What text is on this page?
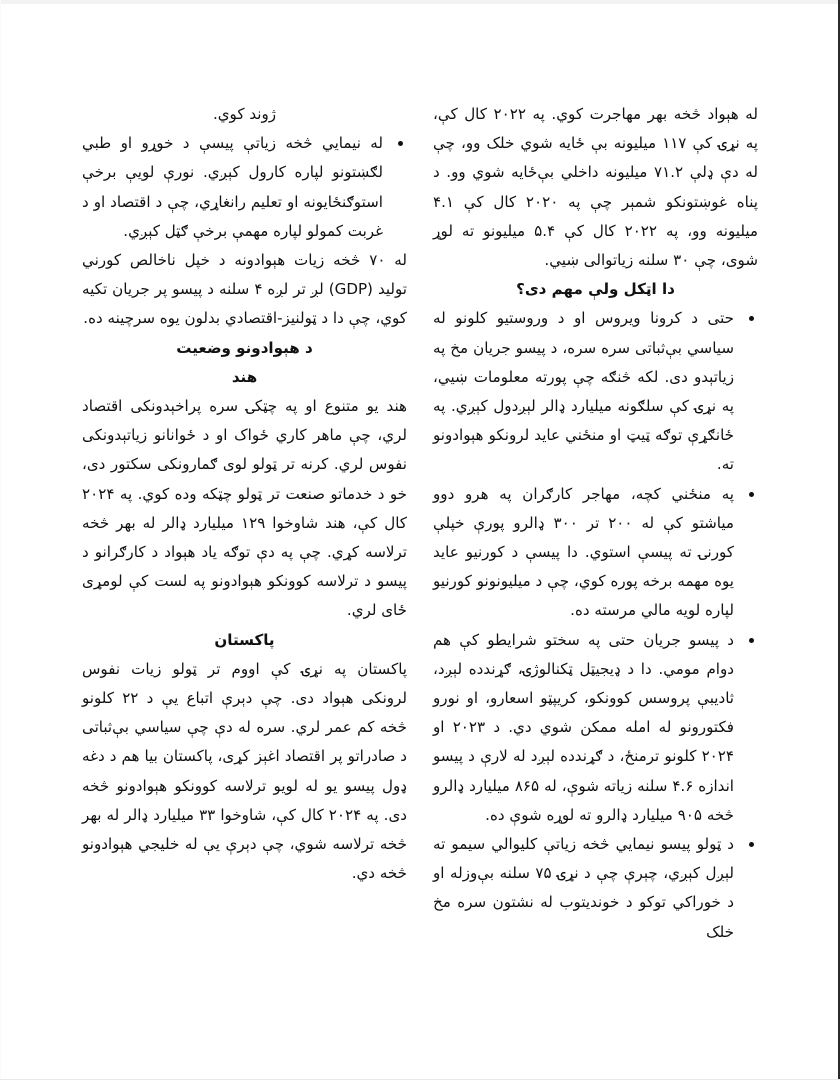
له هېواد څخه بهر مهاجرت کوي. په ۲۰۲۲ کال کې، په نړۍ کې ۱۱۷ میلیونه بې ځایه شوي خلک وو، چې له دې ډلې ۷۱.۲ میلیونه داخلي بې‌ځایه شوي وو. د پناه غوښتونکو شمېر چې په ۲۰۲۰ کال کې ۴.۱ میلیونه وو، په ۲۰۲۲ کال کې ۵.۴ میلیونو ته لوړ شوی، چې ۳۰ سلنه زیاتوالی ښیي.

دا اټکل ولې مهم دی؟

حتی د کرونا ویروس او د وروستیو کلونو له سیاسي بې‌ثباتی سره سره، د پیسو جریان مخ په زیاتېدو دی. لکه څنګه چې پورته معلومات ښیي، په نړۍ کې سلګونه میلیارد ډالر لېږدول کېږي. په ځانګړې توګه ټیټ او منځني عاید لرونکو هېوادونو ته.

په منځني کچه، مهاجر کارګران په هرو دوو میاشتو کې له ۲۰۰ تر ۳۰۰ ډالرو پورې خپلې کورنۍ ته پیسې استوي. دا پیسې د کورنیو عاید یوه مهمه برخه پوره کوي، چې د میلیونونو کورنیو لپاره لویه مالي مرسته ده.

د پیسو جریان حتی په سختو شرایطو کې هم دوام مومي. دا د ډیجیټل ټکنالوژۍ، ګړندده لېږد، ثادیبې پروسس کوونکو، کریپټو اسعارو، او نورو فکتورونو له امله ممکن شوي دي. د ۲۰۲۳ او ۲۰۲۴ کلونو ترمنځ، د ګړندده لېږد له لارې د پیسو اندازه ۴.۶ سلنه زیاته شوې، له ۸۶۵ میلیارد ډالرو څخه ۹۰۵ میلیارد ډالرو ته لوړه شوې ده.

د ټولو پیسو نیمایي څخه زیاتې کلیوالي سیمو ته لېږل کېږي، چېرې چې د نړۍ ۷۵ سلنه بې‌وزله او د خوراکي توکو د خوندیتوب له نشتون سره مخ خلک

ژوند کوي.

له نیمایي څخه زیاتې پیسې د خوړو او طبي لګښتونو لپاره کارول کېږي. نورې لویې برخې استوګنځایونه او تعلیم رانغاړي، چې د اقتصاد او د غربت کمولو لپاره مهمې برخې ګټل کېږي.

له ۷۰ څخه زیات هېوادونه د خپل ناخالص کورني تولید (GDP) لږ تر لږه ۴ سلنه د پیسو پر جریان تکیه کوي، چې دا د ټولنیز-اقتصادي بدلون یوه سرچینه ده.

د هېوادونو وضعیت

هند

هند یو متنوع او په چټکۍ سره پراخېدونکی اقتصاد لري، چې ماهر کاري ځواک او د ځوانانو زیاتېدونکی نفوس لري. کرنه تر ټولو لوی ګمارونکی سکتور دی، خو د خدماتو صنعت تر ټولو چټکه وده کوي. په ۲۰۲۴ کال کې، هند شاوخوا ۱۲۹ میلیارد ډالر له بهر څخه ترلاسه کړي. چې په دې توګه یاد هېواد د کارګرانو د پیسو د ترلاسه کوونکو هېوادونو په لست کې لومړی ځای لري.

پاکستان

پاکستان په نړۍ کې اووم تر ټولو زیات نفوس لرونکی هېواد دی. چې دېرې اتباع یې د ۲۲ کلونو څخه کم عمر لري. سره له دې چې سیاسي بې‌ثباتی د صادراتو پر اقتصاد اغېز کړی، پاکستان بیا هم د دغه ډول پیسو یو له لویو ترلاسه کوونکو هېوادونو څخه دی. په ۲۰۲۴ کال کې، شاوخوا ۳۳ میلیارد ډالر له بهر څخه ترلاسه شوي، چې دېرې یې له خلیجي هېوادونو څخه دي.
